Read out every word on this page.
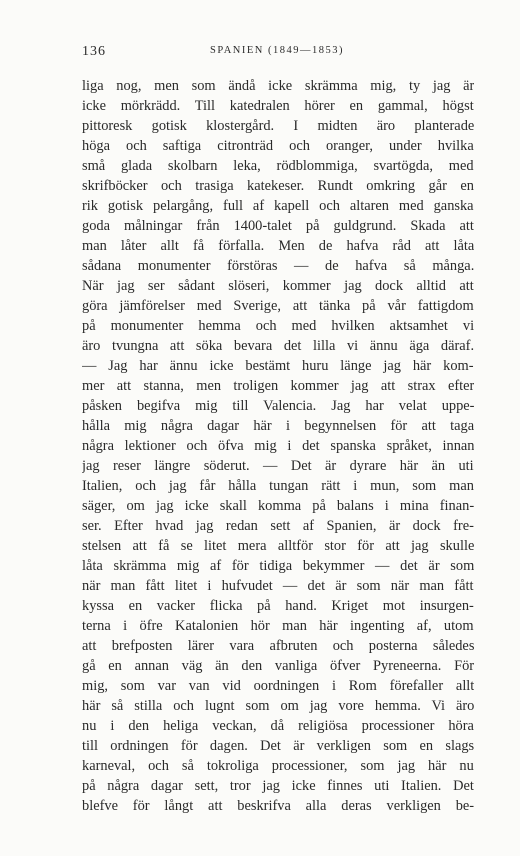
136	SPANIEN (1849—1853)
liga nog, men som ändå icke skrämma mig, ty jag är
icke mörkrädd. Till katedralen hörer en gammal, högst
pittoresk gotisk klostergård. I midten äro planterade
höga och saftiga citronträd och oranger, under hvilka
små glada skolbarn leka, rödblommiga, svartögda, med
skrifböcker och trasiga katekeser. Rundt omkring går en
rik gotisk pelargång, full af kapell och altaren med ganska
goda målningar från 1400-talet på guldgrund. Skada att
man låter allt få förfalla. Men de hafva råd att låta
sådana monumenter förstöras — de hafva så många.
När jag ser sådant slöseri, kommer jag dock alltid att
göra jämförelser med Sverige, att tänka på vår fattigdom
på monumenter hemma och med hvilken aktsamhet vi
äro tvungna att söka bevara det lilla vi ännu äga däraf.
— Jag har ännu icke bestämt huru länge jag här kom-
mer att stanna, men troligen kommer jag att strax efter
påsken begifva mig till Valencia. Jag har velat uppe-
hålla mig några dagar här i begynnelsen för att taga
några lektioner och öfva mig i det spanska språket, innan
jag reser längre söderut. — Det är dyrare här än uti
Italien, och jag får hålla tungan rätt i mun, som man
säger, om jag icke skall komma på balans i mina finan-
ser. Efter hvad jag redan sett af Spanien, är dock fre-
stelsen att få se litet mera alltför stor för att jag skulle
låta skrämma mig af för tidiga bekymmer — det är som
när man fått litet i hufvudet — det är som när man fått
kyssa en vacker flicka på hand. Kriget mot insurgen-
terna i öfre Katalonien hör man här ingenting af, utom
att brefposten lärer vara afbruten och posterna således
gå en annan väg än den vanliga öfver Pyreneerna. För
mig, som var van vid oordningen i Rom förefaller allt
här så stilla och lugnt som om jag vore hemma. Vi äro
nu i den heliga veckan, då religiösa processioner höra
till ordningen för dagen. Det är verkligen som en slags
karneval, och så tokroliga processioner, som jag här nu
på några dagar sett, tror jag icke finnes uti Italien. Det
blefve för långt att beskrifva alla deras verkligen be-
